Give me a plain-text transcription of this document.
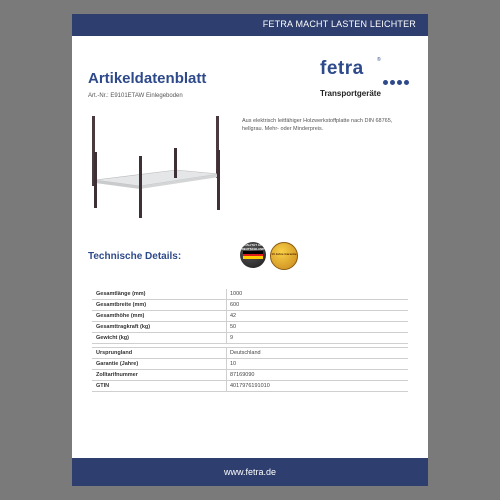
FETRA MACHT LASTEN LEICHTER
Artikeldatenblatt
Art.-Nr.: E9101ETAW Einlegeboden
fetra	®
Transportgeräte
Aus elektrisch leitfähiger Holzwerkstoffplatte nach DIN 68765, hellgrau. Mehr- oder Minderpreis.
Technische Details:
QUALITÄT AUS DEUTSCHLAND
10 Jahre Garantie
Gesamtlänge (mm)	1000
Gesamtbreite (mm)	600
Gesamthöhe (mm)	42
Gesamttragkraft (kg)	50
Gewicht (kg)	9
Ursprungland	Deutschland
Garantie (Jahre)	10
Zolltarifnummer	87169090
GTIN	4017976191010
www.fetra.de
